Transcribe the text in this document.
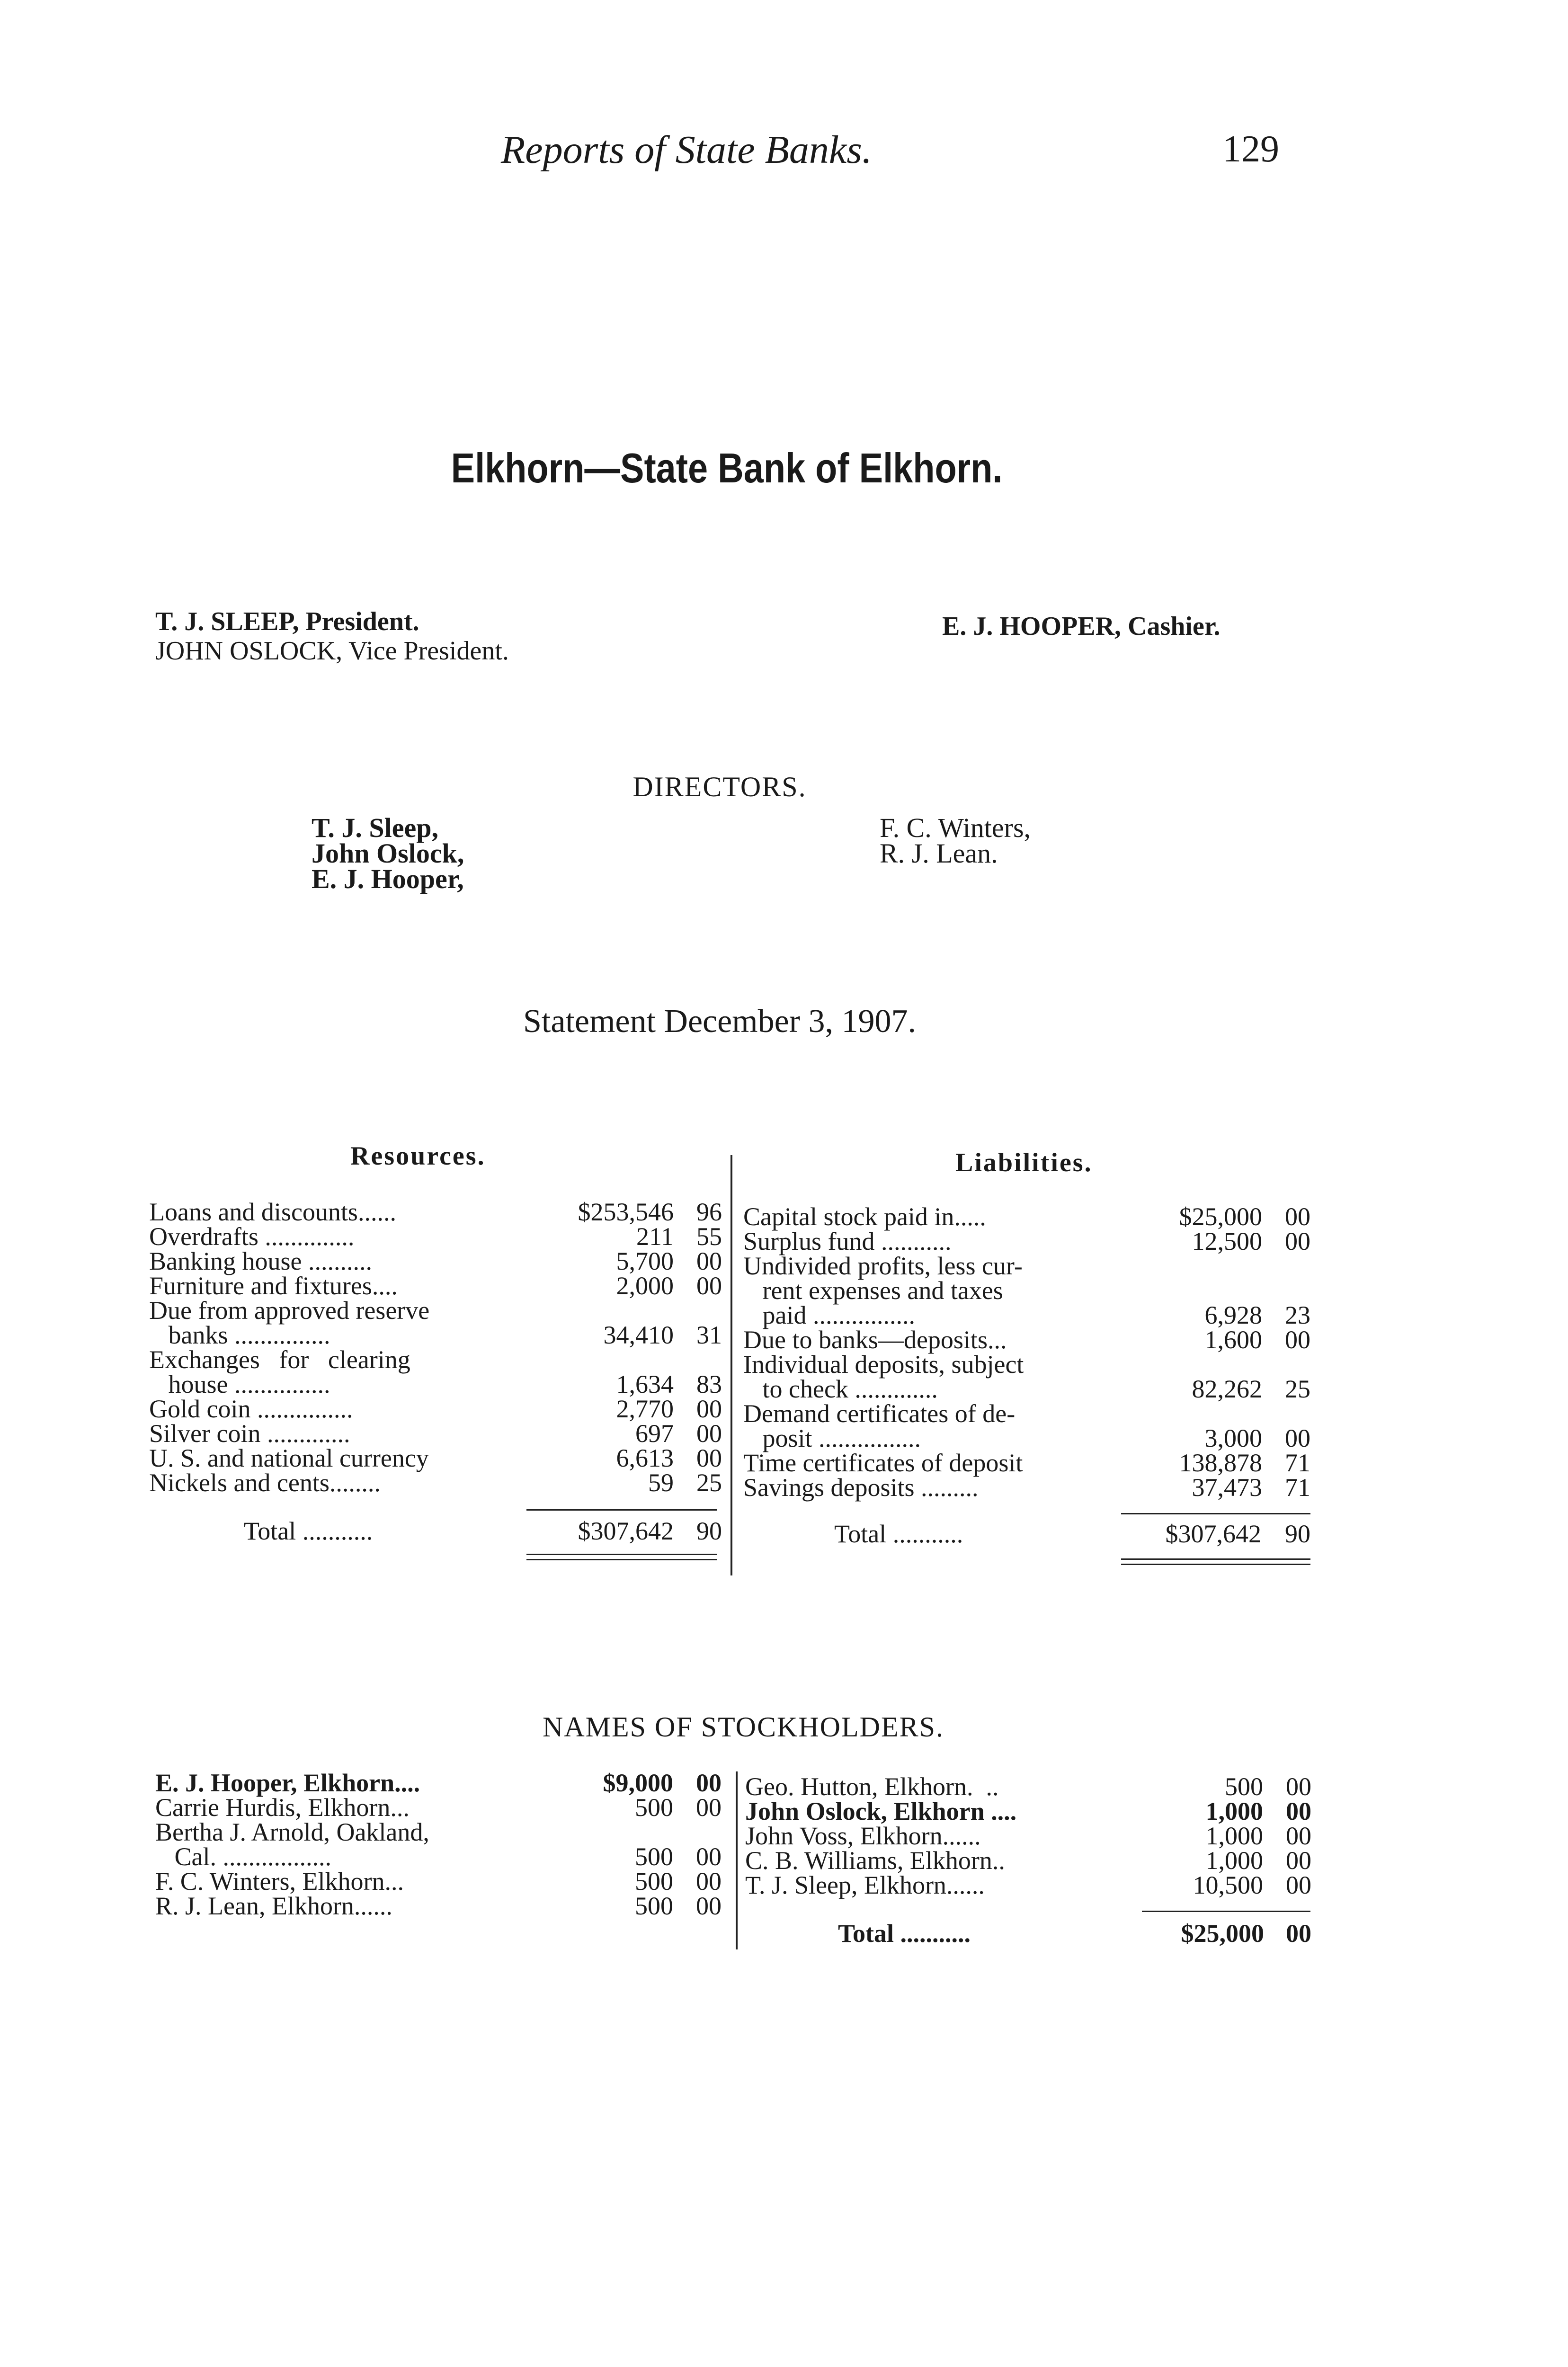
Reports of State Banks.	129
Elkhorn—State Bank of Elkhorn.
T. J. SLEEP, President.
JOHN OSLOCK, Vice President.
E. J. HOOPER, Cashier.
DIRECTORS.
T. J. Sleep,
John Oslock,
E. J. Hooper,
F. C. Winters,
R. J. Lean.
Statement December 3, 1907.
Resources.	Liabilities.
Loans and discounts......	$253,546 96
Overdrafts ..............	211 55
Banking house ..........	5,700 00
Furniture and fixtures....	2,000 00
Due from approved reserve
banks ...............	34,410 31
Exchanges   for   clearing
house ...............	1,634 83
Gold coin ...............	2,770 00
Silver coin .............	697 00
U. S. and national currency	6,613 00
Nickels and cents........	59 25
Capital stock paid in.....	$25,000 00
Surplus fund ...........	12,500 00
Undivided profits, less cur-
rent expenses and taxes
paid ................	6,928 23
Due to banks—deposits...	1,600 00
Individual deposits, subject
to check .............	82,262 25
Demand certificates of de-
posit ................	3,000 00
Time certificates of deposit	138,878 71
Savings deposits .........	37,473 71
Total ...........	$307,642 90	Total ...........	$307,642 90
NAMES OF STOCKHOLDERS.
E. J. Hooper, Elkhorn....	$9,000 00
Carrie Hurdis, Elkhorn...	500 00
Bertha J. Arnold, Oakland,
Cal. .................	500 00
F. C. Winters, Elkhorn...	500 00
R. J. Lean, Elkhorn......	500 00
Geo. Hutton, Elkhorn.  ..	500 00
John Oslock, Elkhorn ....	1,000 00
John Voss, Elkhorn......	1,000 00
C. B. Williams, Elkhorn..	1,000 00
T. J. Sleep, Elkhorn......	10,500 00
Total ...........	$25,000 00
